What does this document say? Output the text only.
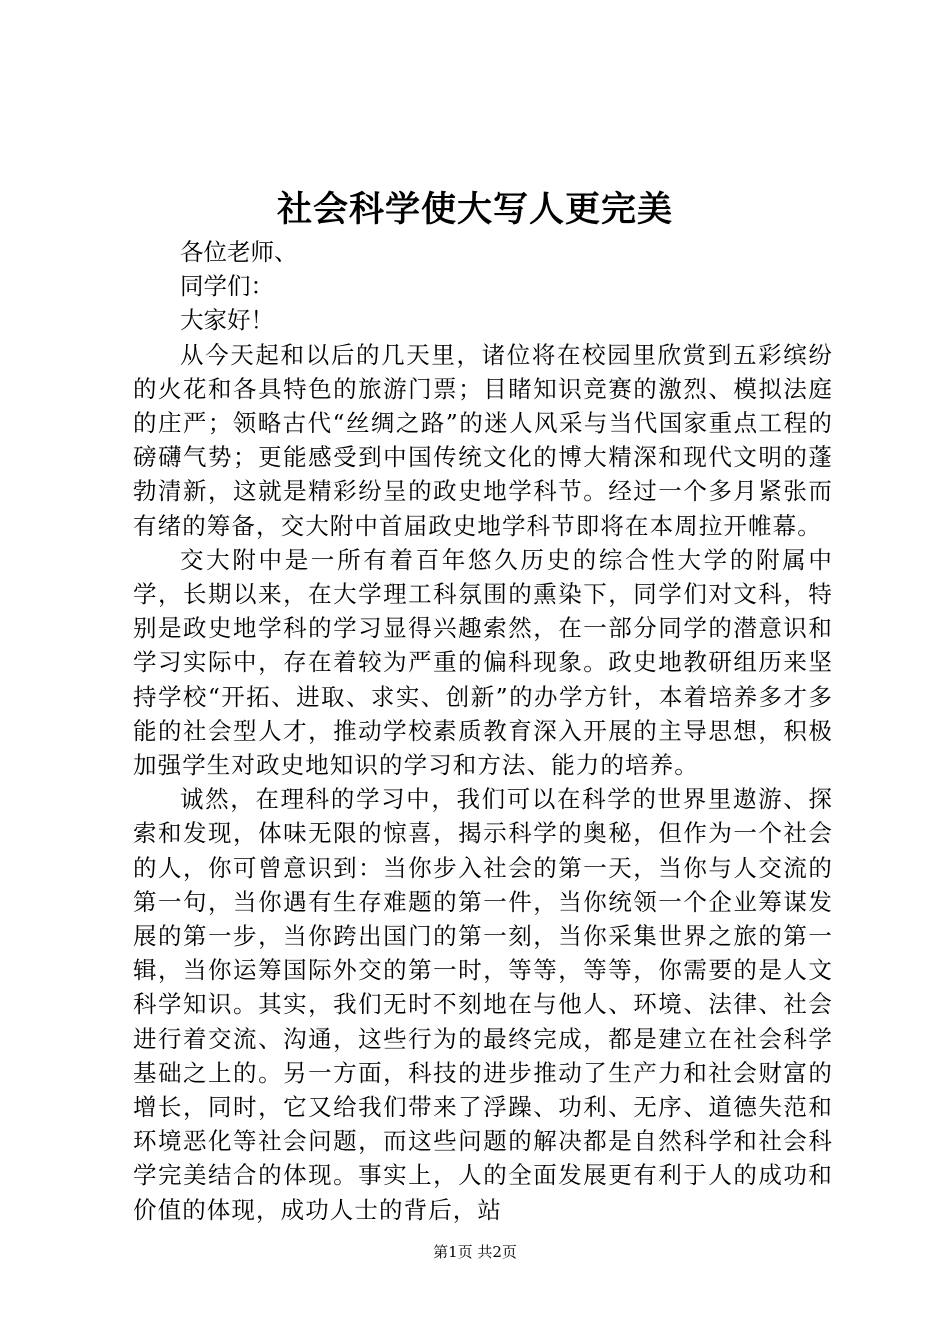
社会科学使大写人更完美
各位老师、
同学们：
大家好！

从今天起和以后的几天里，诸位将在校园里欣赏到五彩缤纷的火花和各具特色的旅游门票；目睹知识竞赛的激烈、模拟法庭的庄严；领略古代“丝绸之路”的迷人风采与当代国家重点工程的磅礴气势；更能感受到中国传统文化的博大精深和现代文明的蓬勃清新，这就是精彩纷呈的政史地学科节。经过一个多月紧张而有绪的筹备，交大附中首届政史地学科节即将在本周拉开帷幕。

交大附中是一所有着百年悠久历史的综合性大学的附属中学，长期以来，在大学理工科氛围的熏染下，同学们对文科，特别是政史地学科的学习显得兴趣索然，在一部分同学的潜意识和学习实际中，存在着较为严重的偏科现象。政史地教研组历来坚持学校“开拓、进取、求实、创新”的办学方针，本着培养多才多能的社会型人才，推动学校素质教育深入开展的主导思想，积极加强学生对政史地知识的学习和方法、能力的培养。

诚然，在理科的学习中，我们可以在科学的世界里遨游、探索和发现，体味无限的惊喜，揭示科学的奥秘，但作为一个社会的人，你可曾意识到：当你步入社会的第一天，当你与人交流的第一句，当你遇有生存难题的第一件，当你统领一个企业筹谋发展的第一步，当你跨出国门的第一刻，当你采集世界之旅的第一辑，当你运筹国际外交的第一时，等等，等等，你需要的是人文科学知识。其实，我们无时不刻地在与他人、环境、法律、社会进行着交流、沟通，这些行为的最终完成，都是建立在社会科学基础之上的。另一方面，科技的进步推动了生产力和社会财富的增长，同时，它又给我们带来了浮躁、功利、无序、道德失范和环境恶化等社会问题，而这些问题的解决都是自然科学和社会科学完美结合的体现。事实上，人的全面发展更有利于人的成功和价值的体现，成功人士的背后，站

第1页 共2页
